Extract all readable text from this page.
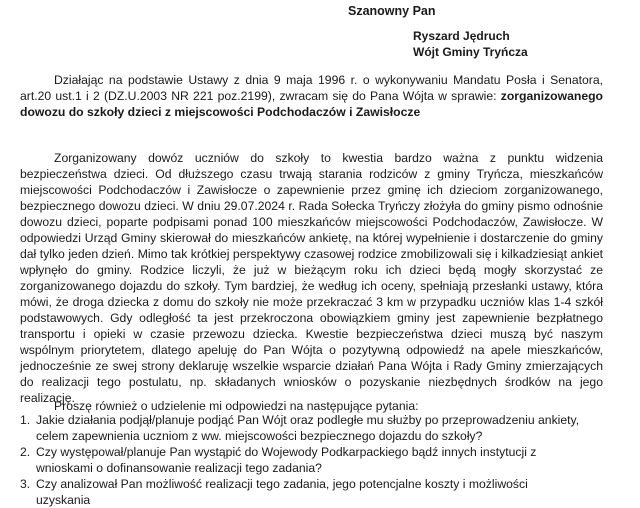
Szanowny Pan
Ryszard Jędruch
Wójt Gminy Tryńcza
Działając na podstawie Ustawy z dnia 9 maja 1996 r. o wykonywaniu Mandatu Posła i Senatora, art.20 ust.1 i 2 (DZ.U.2003 NR 221 poz.2199), zwracam się do Pana Wójta w sprawie: zorganizowanego dowozu do szkoły dzieci z miejscowości Podchodaczów i Zawisłocze
Zorganizowany dowóz uczniów do szkoły to kwestia bardzo ważna z punktu widzenia bezpieczeństwa dzieci. Od dłuższego czasu trwają starania rodziców z gminy Tryńcza, mieszkańców miejscowości Podchodaczów i Zawisłocze o zapewnienie przez gminę ich dzieciom zorganizowanego, bezpiecznego dowozu dzieci. W dniu 29.07.2024 r. Rada Sołecka Tryńczy złożyła do gminy pismo odnośnie dowozu dzieci, poparte podpisami ponad 100 mieszkańców miejscowości Podchodaczów, Zawisłocze. W odpowiedzi Urząd Gminy skierował do mieszkańców ankietę, na której wypełnienie i dostarczenie do gminy dał tylko jeden dzień. Mimo tak krótkiej perspektywy czasowej rodzice zmobilizowali się i kilkadziesiąt ankiet wpłynęło do gminy. Rodzice liczyli, że już w bieżącym roku ich dzieci będą mogły skorzystać ze zorganizowanego dojazdu do szkoły. Tym bardziej, że według ich oceny, spełniają przesłanki ustawy, która mówi, że droga dziecka z domu do szkoły nie może przekraczać 3 km w przypadku uczniów klas 1-4 szkół podstawowych. Gdy odległość ta jest przekroczona obowiązkiem gminy jest zapewnienie bezpłatnego transportu i opieki w czasie przewozu dziecka. Kwestie bezpieczeństwa dzieci muszą być naszym wspólnym priorytetem, dlatego apeluję do Pan Wójta o pozytywną odpowiedź na apele mieszkańców, jednocześnie ze swej strony deklaruję wszelkie wsparcie działań Pana Wójta i Rady Gminy zmierzających do realizacji tego postulatu, np. składanych wniosków o pozyskanie niezbędnych środków na jego realizację.
Proszę również o udzielenie mi odpowiedzi na następujące pytania:
1. Jakie działania podjął/planuje podjąć Pan Wójt oraz podległe mu służby po przeprowadzeniu ankiety, celem zapewnienia uczniom z ww. miejscowości bezpiecznego dojazdu do szkoły?
2. Czy występował/planuje Pan wystąpić do Wojewody Podkarpackiego bądź innych instytucji z wnioskami o dofinansowanie realizacji tego zadania?
3. Czy analizował Pan możliwość realizacji tego zadania, jego potencjalne koszty i możliwości uzyskania
